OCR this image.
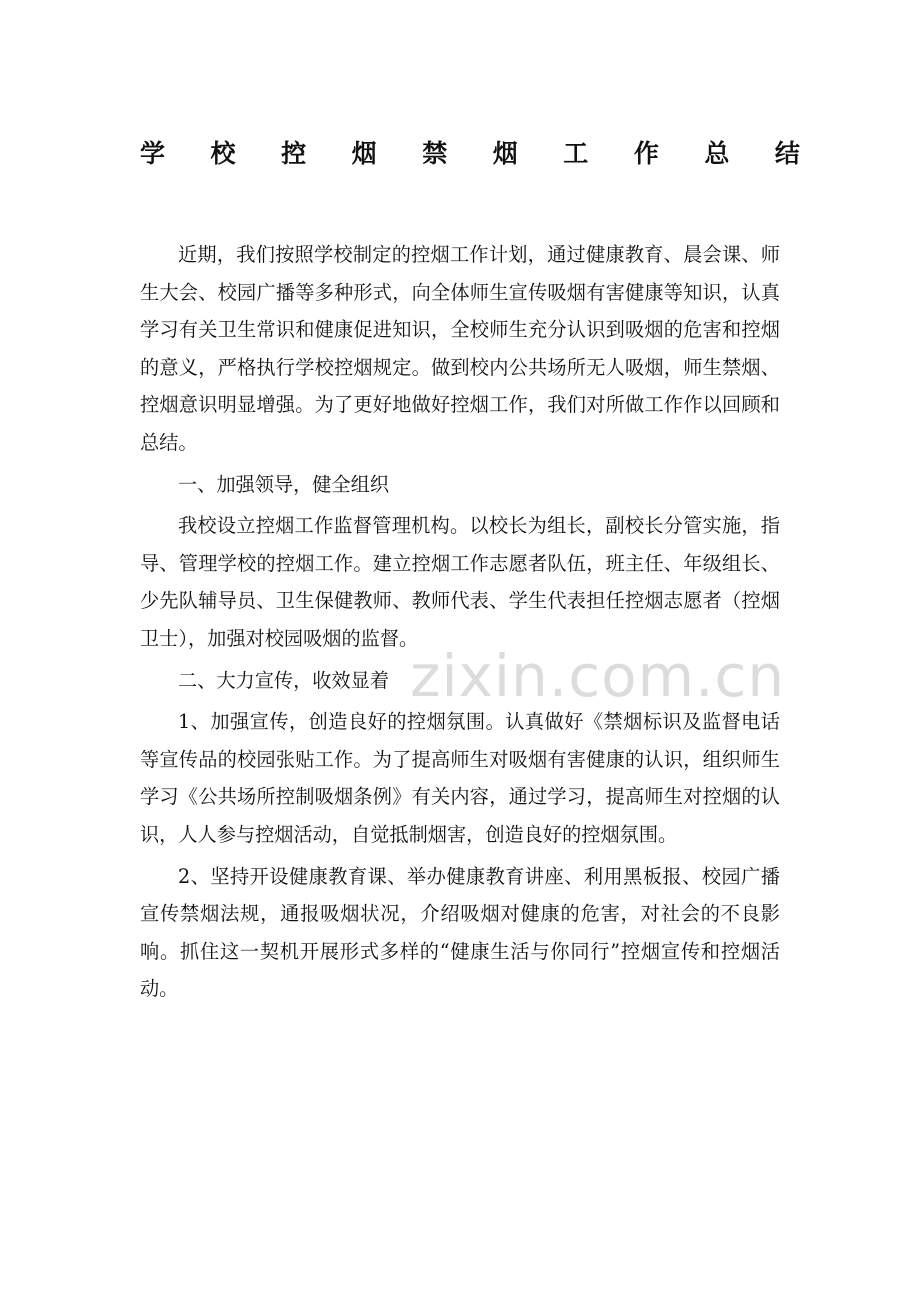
学 校 控 烟 禁 烟 工 作 总 结

近期，我们按照学校制定的控烟工作计划，通过健康教育、晨会课、师生大会、校园广播等多种形式，向全体师生宣传吸烟有害健康等知识，认真学习有关卫生常识和健康促进知识，全校师生充分认识到吸烟的危害和控烟的意义，严格执行学校控烟规定。做到校内公共场所无人吸烟，师生禁烟、控烟意识明显增强。为了更好地做好控烟工作，我们对所做工作作以回顾和总结。

一、加强领导，健全组织

我校设立控烟工作监督管理机构。以校长为组长，副校长分管实施，指导、管理学校的控烟工作。建立控烟工作志愿者队伍，班主任、年级组长、少先队辅导员、卫生保健教师、教师代表、学生代表担任控烟志愿者（控烟卫士），加强对校园吸烟的监督。

二、大力宣传，收效显着

1、加强宣传，创造良好的控烟氛围。认真做好《禁烟标识及监督电话等宣传品的校园张贴工作。为了提高师生对吸烟有害健康的认识，组织师生学习《公共场所控制吸烟条例》有关内容，通过学习，提高师生对控烟的认识，人人参与控烟活动，自觉抵制烟害，创造良好的控烟氛围。

2、坚持开设健康教育课、举办健康教育讲座、利用黑板报、校园广播宣传禁烟法规，通报吸烟状况，介绍吸烟对健康的危害，对社会的不良影响。抓住这一契机开展形式多样的“健康生活与你同行”控烟宣传和控烟活动。

zixin.com.cn
